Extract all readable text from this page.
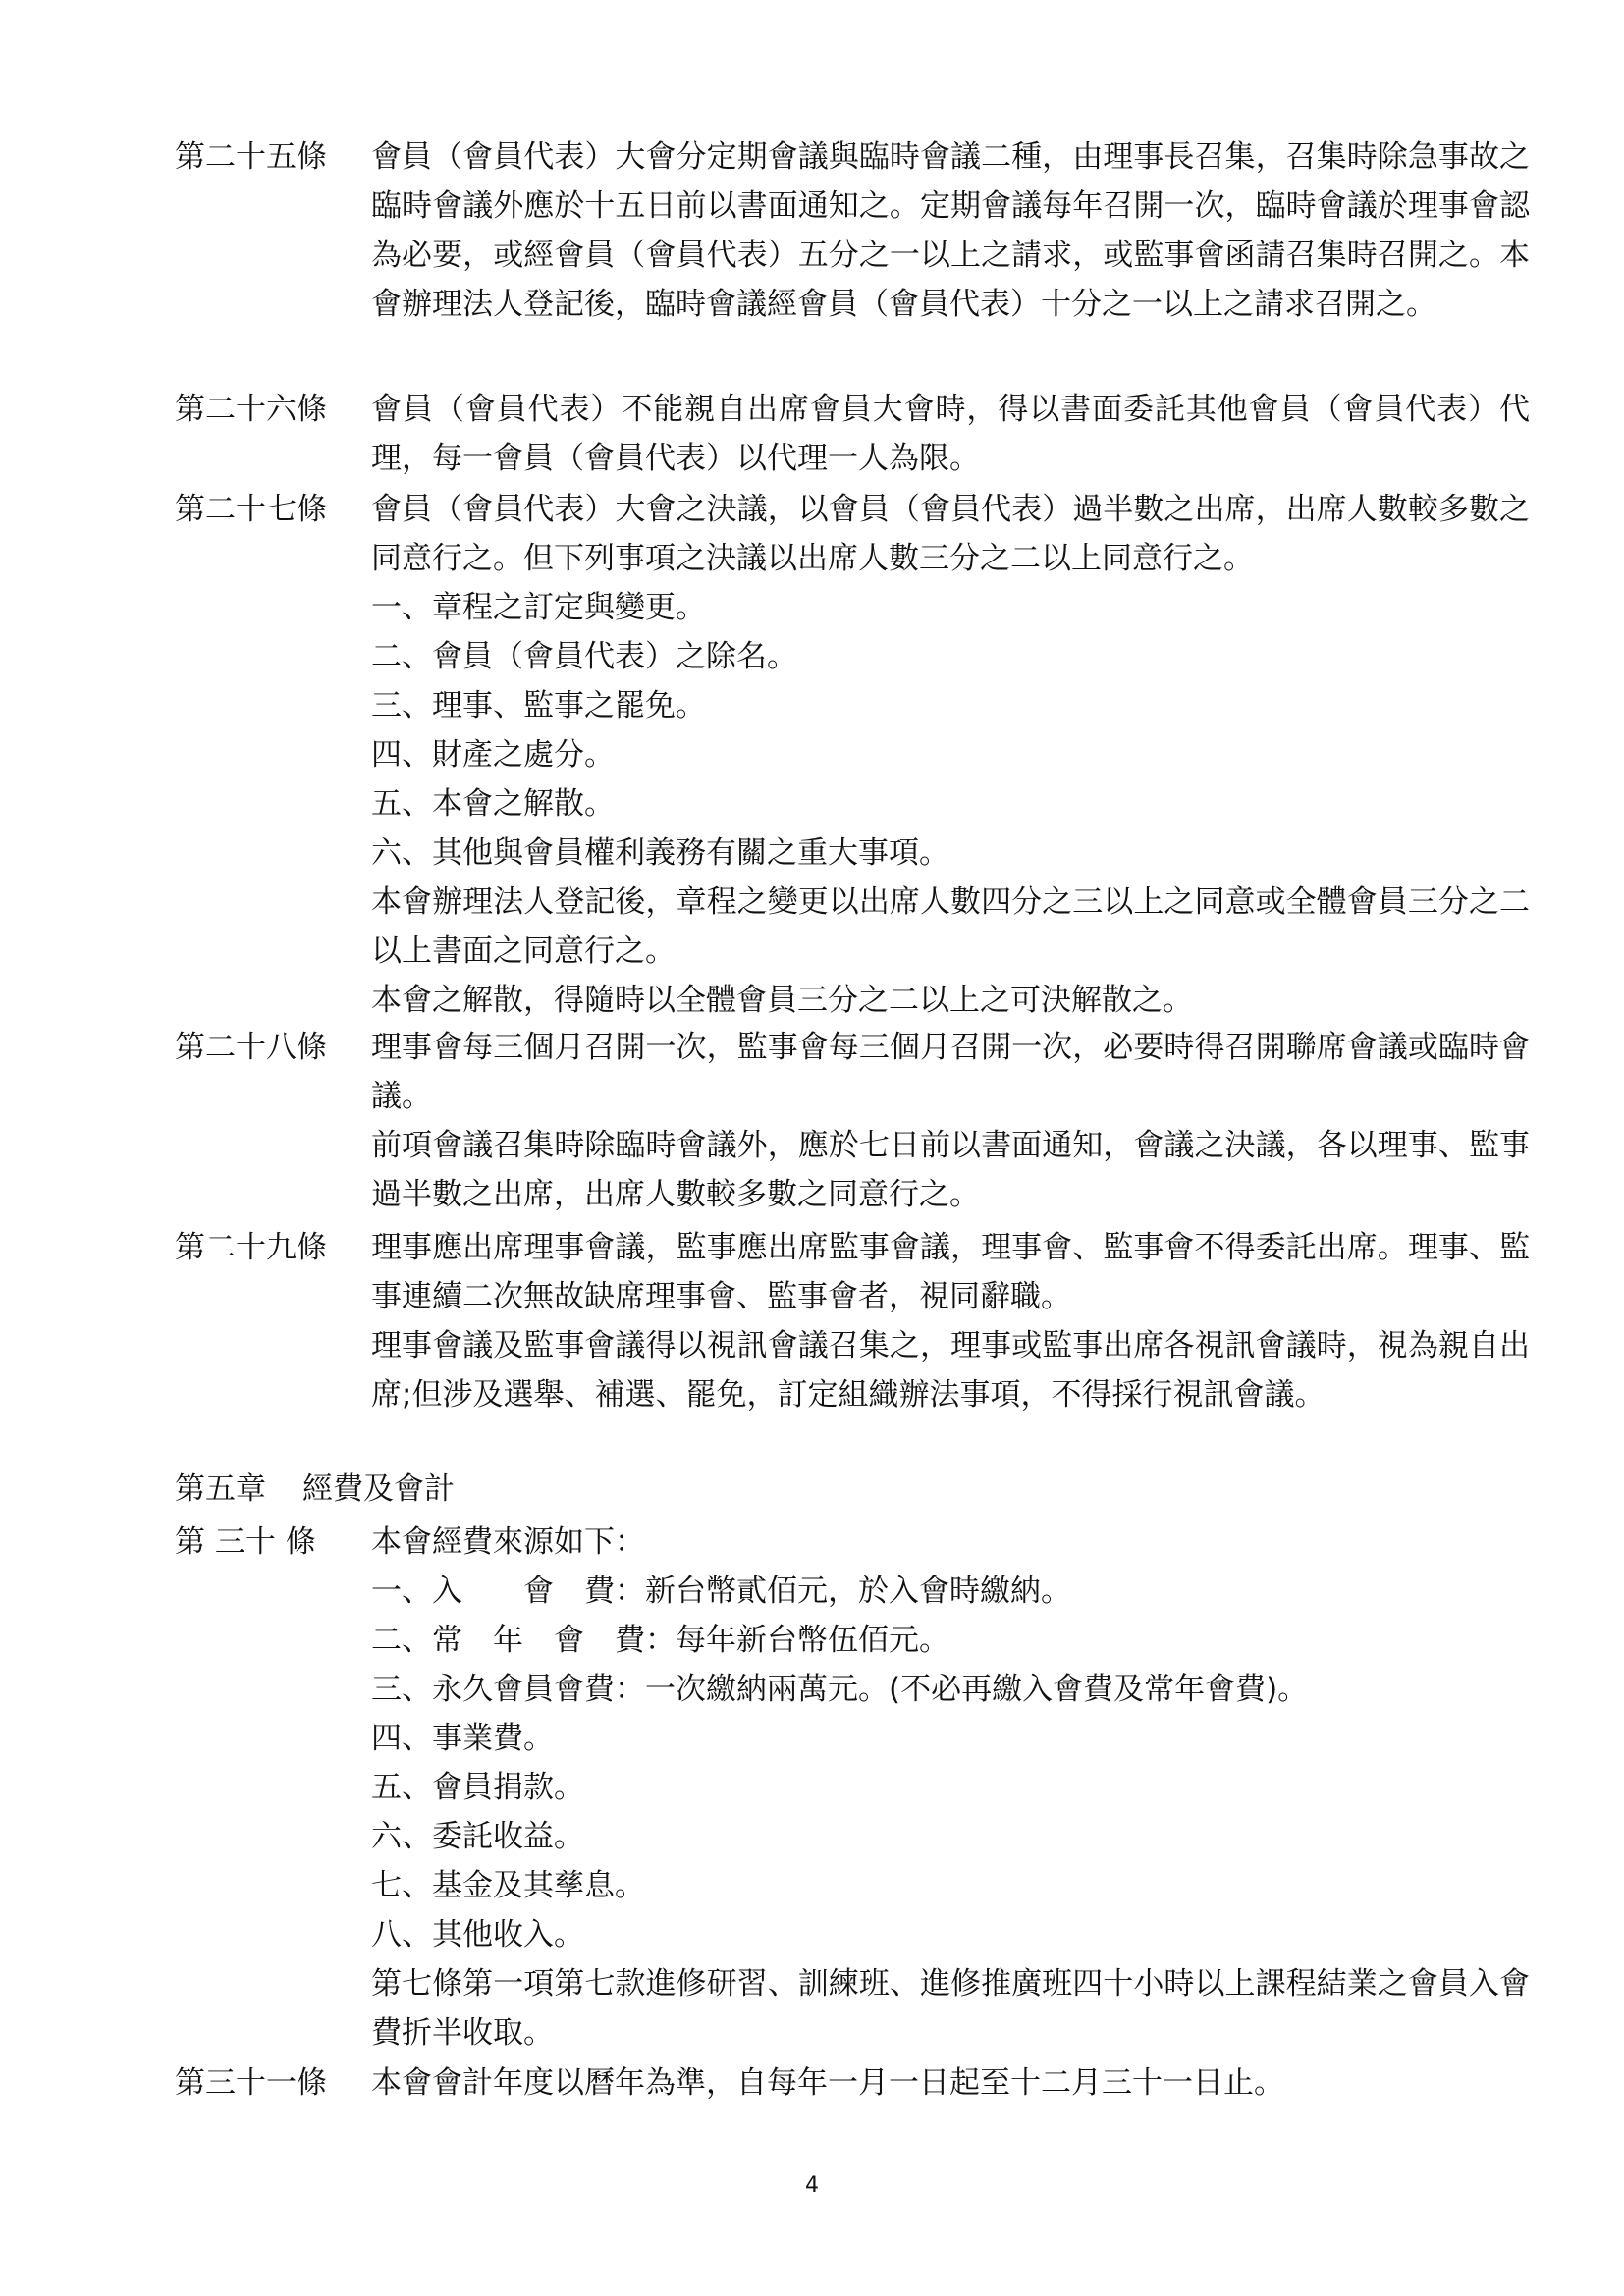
第二十五條	會員（會員代表）大會分定期會議與臨時會議二種，由理事長召集，召集時除急事故之臨時會議外應於十五日前以書面通知之。定期會議每年召開一次，臨時會議於理事會認為必要，或經會員（會員代表）五分之一以上之請求，或監事會函請召集時召開之。本會辦理法人登記後，臨時會議經會員（會員代表）十分之一以上之請求召開之。
第二十六條	會員（會員代表）不能親自出席會員大會時，得以書面委託其他會員（會員代表）代理，每一會員（會員代表）以代理一人為限。
第二十七條	會員（會員代表）大會之決議，以會員（會員代表）過半數之出席，出席人數較多數之同意行之。但下列事項之決議以出席人數三分之二以上同意行之。
一、章程之訂定與變更。
二、會員（會員代表）之除名。
三、理事、監事之罷免。
四、財產之處分。
五、本會之解散。
六、其他與會員權利義務有關之重大事項。
本會辦理法人登記後，章程之變更以出席人數四分之三以上之同意或全體會員三分之二以上書面之同意行之。
本會之解散，得隨時以全體會員三分之二以上之可決解散之。
第二十八條	理事會每三個月召開一次，監事會每三個月召開一次，必要時得召開聯席會議或臨時會議。
前項會議召集時除臨時會議外，應於七日前以書面通知，會議之決議，各以理事、監事過半數之出席，出席人數較多數之同意行之。
第二十九條	理事應出席理事會議，監事應出席監事會議，理事會、監事會不得委託出席。理事、監事連續二次無故缺席理事會、監事會者，視同辭職。
理事會議及監事會議得以視訊會議召集之，理事或監事出席各視訊會議時，視為親自出席;但涉及選舉、補選、罷免，訂定組織辦法事項，不得採行視訊會議。
第五章 經費及會計
第 三十 條	本會經費來源如下：
一、入　　會　費：新台幣貳佰元，於入會時繳納。
二、常　年　會　費：每年新台幣伍佰元。
三、永久會員會費：一次繳納兩萬元。(不必再繳入會費及常年會費)。
四、事業費。
五、會員捐款。
六、委託收益。
七、基金及其孳息。
八、其他收入。
第七條第一項第七款進修研習、訓練班、進修推廣班四十小時以上課程結業之會員入會費折半收取。
第三十一條	本會會計年度以曆年為準，自每年一月一日起至十二月三十一日止。
4
